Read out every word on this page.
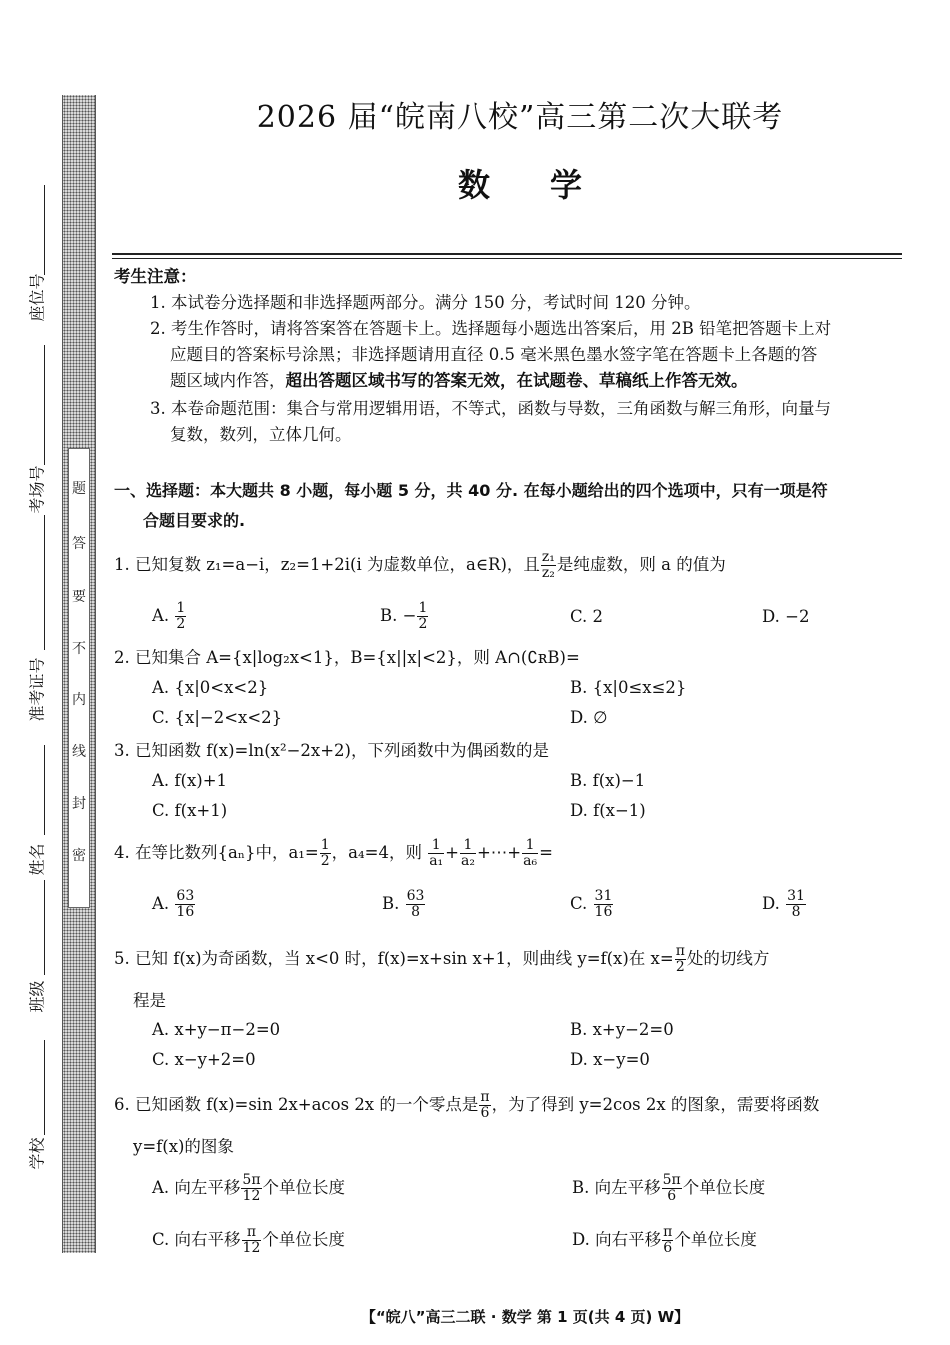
题
答
要
不
内
线
封
密
座位号
考场号
准考证号
姓名
班级
学校
2026 届“皖南八校”高三第二次大联考
数学
考生注意：
1. 本试卷分选择题和非选择题两部分。满分 150 分，考试时间 120 分钟。
2. 考生作答时，请将答案答在答题卡上。选择题每小题选出答案后，用 2B 铅笔把答题卡上对
应题目的答案标号涂黑；非选择题请用直径 0.5 毫米黑色墨水签字笔在答题卡上各题的答
题区域内作答，超出答题区域书写的答案无效，在试题卷、草稿纸上作答无效。
3. 本卷命题范围：集合与常用逻辑用语，不等式，函数与导数，三角函数与解三角形，向量与
复数，数列，立体几何。
一、选择题：本大题共 8 小题，每小题 5 分，共 40 分. 在每小题给出的四个选项中，只有一项是符
合题目要求的.
1. 已知复数 z₁=a−i，z₂=1+2i(i 为虚数单位，a∈R)，且 $\frac{\text{z₁}}{\text{z₂}}$ 是纯虚数，则 a 的值为
A. $\frac{1}{2}$	B. − $\frac{1}{2}$	C. 2	D. −2
2. 已知集合 A={x|log₂x<1}，B={x||x|<2}，则 A∩(∁ʀB)=
A. {x|0<x<2}	B. {x|0≤x≤2}
C. {x|−2<x<2}	D. ∅
3. 已知函数 f(x)=ln(x²−2x+2)，下列函数中为偶函数的是
A. f(x)+1	B. f(x)−1
C. f(x+1)	D. f(x−1)
4. 在等比数列{aₙ}中，$a_1= \frac{1}{2}$ ，a₄=4，则 $\frac{1}{\text{a₁}} + \frac{1}{\text{a₂}}$ +⋯+ $\frac{1}{\text{a₆}}$ =
A. $\frac{63}{16}$	B. $\frac{63}{8}$	C. $\frac{31}{16}$	D. $\frac{31}{8}$
5. 已知 f(x)为奇函数，当 x<0 时，f(x)=x+sin x+1，则曲线 y=f(x)在 $x= \frac{\pi}{2}$ 处的切线方
程是
A. x+y−π−2=0	B. x+y−2=0
C. x−y+2=0	D. x−y=0
6. 已知函数 f(x)=sin 2x+acos 2x 的一个零点是 $\frac{\pi}{6}$ ，为了得到 y=2cos 2x 的图象，需要将函数
y=f(x)的图象
A. 向左平移 $\frac{5\pi}{12}$ 个单位长度	B. 向左平移 $\frac{5\pi}{6}$ 个单位长度
C. 向右平移 $\frac{\pi}{12}$ 个单位长度	D. 向右平移 $\frac{\pi}{6}$ 个单位长度
【“皖八”高三二联 · 数学 第 1 页(共 4 页) W】
